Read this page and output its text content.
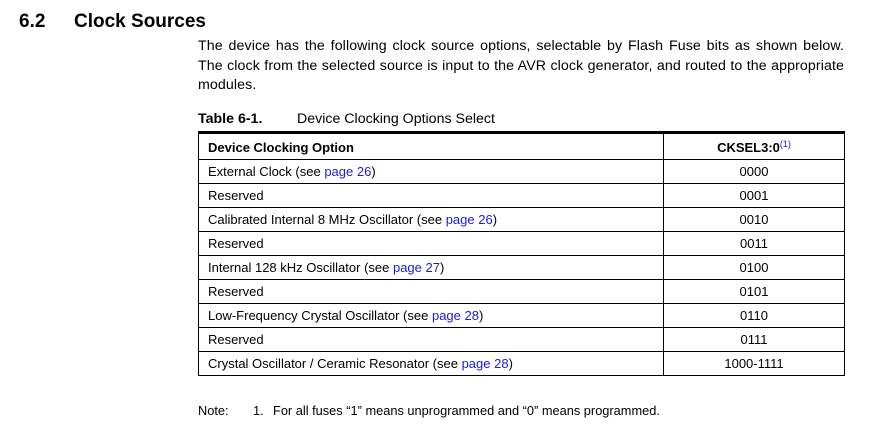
6.2 Clock Sources
The device has the following clock source options, selectable by Flash Fuse bits as shown below. The clock from the selected source is input to the AVR clock generator, and routed to the appropriate modules.
Table 6-1. Device Clocking Options Select
Device Clocking Option	CKSEL3:0$^{(1)}$
External Clock (see page 26)	0000
Reserved	0001
Calibrated Internal 8 MHz Oscillator (see page 26)	0010
Reserved	0011
Internal 128 kHz Oscillator (see page 27)	0100
Reserved	0101
Low-Frequency Crystal Oscillator (see page 28)	0110
Reserved	0111
Crystal Oscillator / Ceramic Resonator (see page 28)	1000-1111
Note: 1. For all fuses “1” means unprogrammed and “0” means programmed.
